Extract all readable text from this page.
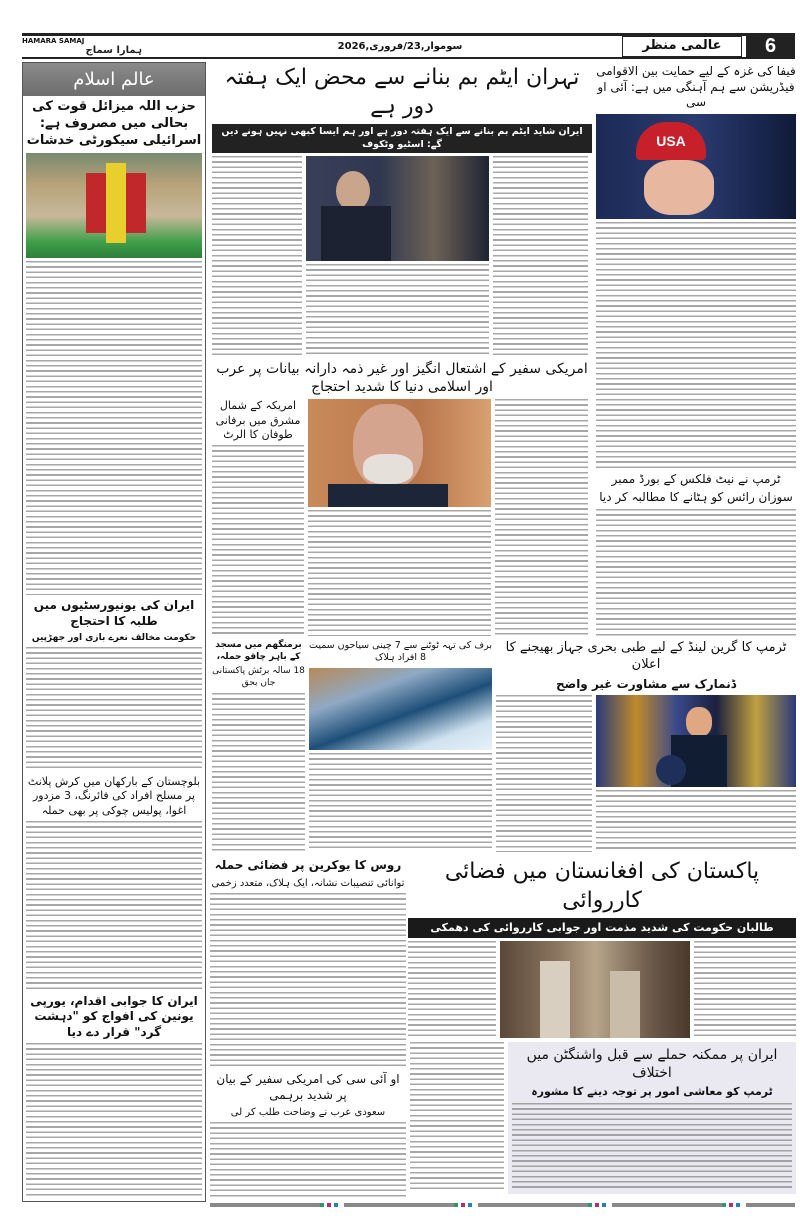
HAMARA SAMAJ
ہمارا سماج	سوموار,23/فروری,2026	عالمی منظر	6
عالم اسلام
حزب اللہ میزائل قوت کی بحالی میں مصروف ہے: اسرائیلی سیکورٹی خدشات
ایران کی یونیورسٹیوں میں طلبہ کا احتجاج
حکومت مخالف نعرے بازی اور جھڑپیں
بلوچستان کے بارکھان میں کرش پلانٹ پر مسلح افراد کی فائرنگ، 3 مزدور اغوا، پولیس چوکی پر بھی حملہ
ایران کا جوابی اقدام، یورپی یونین کی افواج کو "دہشت گرد" قرار دے دیا
تہران ایٹم بم بنانے سے محض ایک ہفتہ دور ہے
ایران شاید ایٹم بم بنانے سے ایک ہفتہ دور ہے اور ہم ایسا کبھی نہیں ہونے دیں گے: اسٹیو وٹکوف
فیفا کی غزہ کے لیے حمایت بین الاقوامی فیڈریشن سے ہم آہنگی میں ہے: آئی او سی
USA
ٹرمپ نے نیٹ فلکس کے بورڈ ممبر
سوزان رائس کو ہٹانے کا مطالبہ کر دیا
امریکی سفیر کے اشتعال انگیز اور غیر ذمہ دارانہ بیانات پر عرب اور اسلامی دنیا کا شدید احتجاج
امریکہ کے شمال مشرق میں برفانی طوفان کا الرٹ
برمنگھم میں مسجد کے باہر چاقو حملہ،
18 سالہ برٹش پاکستانی جاں بحق
برف کی تہہ ٹوٹنے سے 7 چینی سیاحوں سمیت 8 افراد ہلاک
ٹرمپ کا گرین لینڈ کے لیے طبی بحری جہاز بھیجنے کا اعلان
ڈنمارک سے مشاورت غیر واضح
روس کا یوکرین پر فضائی حملہ
توانائی تنصیبات نشانہ، ایک ہلاک، متعدد زخمی
او آئی سی کی امریکی سفیر کے بیان پر شدید برہمی
سعودی عرب نے وضاحت طلب کر لی
پاکستان کی افغانستان میں فضائی کارروائی
طالبان حکومت کی شدید مذمت اور جوابی کارروائی کی دھمکی
ایران پر ممکنہ حملے سے قبل واشنگٹن میں اختلاف
ٹرمپ کو معاشی امور پر توجہ دینے کا مشورہ
